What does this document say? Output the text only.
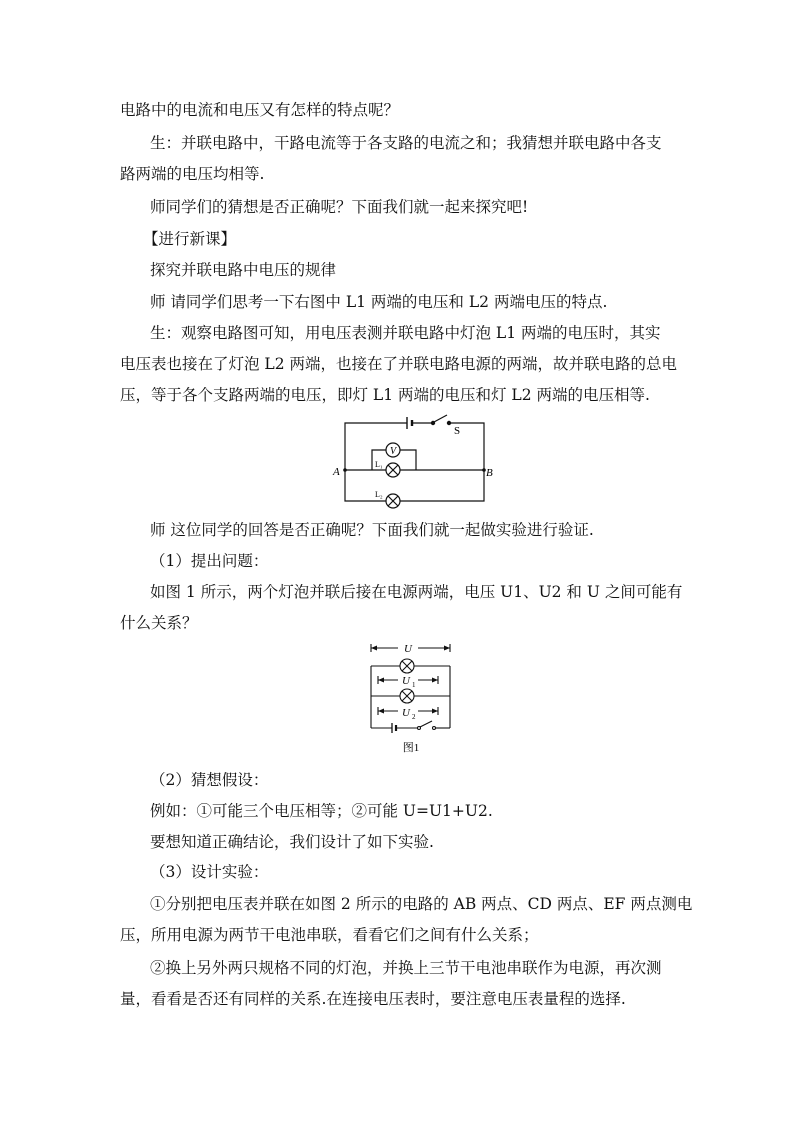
电路中的电流和电压又有怎样的特点呢？
生：并联电路中，干路电流等于各支路的电流之和；我猜想并联电路中各支
路两端的电压均相等.
师同学们的猜想是否正确呢？下面我们就一起来探究吧!
【进行新课】
探究并联电路中电压的规律
师 请同学们思考一下右图中 L1 两端的电压和 L2 两端电压的特点.
生：观察电路图可知，用电压表测并联电路中灯泡 L1 两端的电压时，其实
电压表也接在了灯泡 L2 两端，也接在了并联电路电源的两端，故并联电路的总电
压，等于各个支路两端的电压，即灯 L1 两端的电压和灯 L2 两端的电压相等.
V
S
A	B
L₁
L₂
师 这位同学的回答是否正确呢？下面我们就一起做实验进行验证.
（1）提出问题：
如图 1 所示，两个灯泡并联后接在电源两端，电压 U1、U2 和 U 之间可能有
什么关系？
U
U 1
U 2
图1
（2）猜想假设：
例如：①可能三个电压相等；②可能 U=U1+U2.
要想知道正确结论，我们设计了如下实验.
（3）设计实验：
①分别把电压表并联在如图 2 所示的电路的 AB 两点、CD 两点、EF 两点测电
压，所用电源为两节干电池串联，看看它们之间有什么关系；
②换上另外两只规格不同的灯泡，并换上三节干电池串联作为电源，再次测
量，看看是否还有同样的关系.在连接电压表时，要注意电压表量程的选择.
